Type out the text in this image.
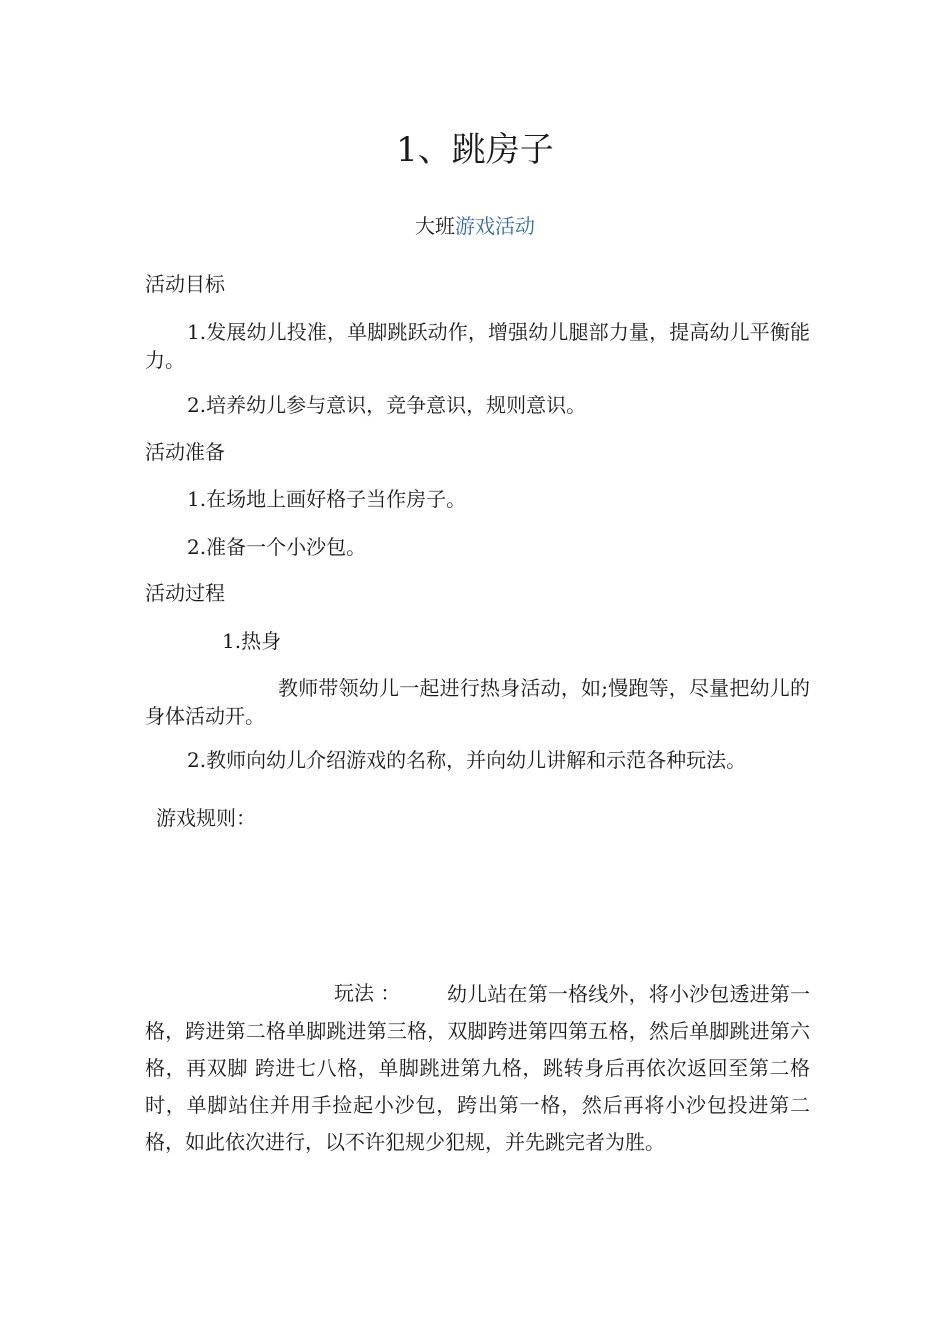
1、跳房子

大班游戏活动

活动目标

1.发展幼儿投准，单脚跳跃动作，增强幼儿腿部力量，提高幼儿平衡能力。

2.培养幼儿参与意识，竞争意识，规则意识。

活动准备

1.在场地上画好格子当作房子。

2.准备一个小沙包。

活动过程

1.热身

教师带领幼儿一起进行热身活动，如;慢跑等，尽量把幼儿的身体活动开。

2.教师向幼儿介绍游戏的名称，并向幼儿讲解和示范各种玩法。

游戏规则：

玩法 ：	幼儿站在第一格线外，将小沙包透进第一格，跨进第二格单脚跳进第三格，双脚跨进第四第五格，然后单脚跳进第六格，再双脚 跨进七八格，单脚跳进第九格，跳转身后再依次返回至第二格时，单脚站住并用手捡起小沙包，跨出第一格，然后再将小沙包投进第二格，如此依次进行，以不许犯规少犯规，并先跳完者为胜。
